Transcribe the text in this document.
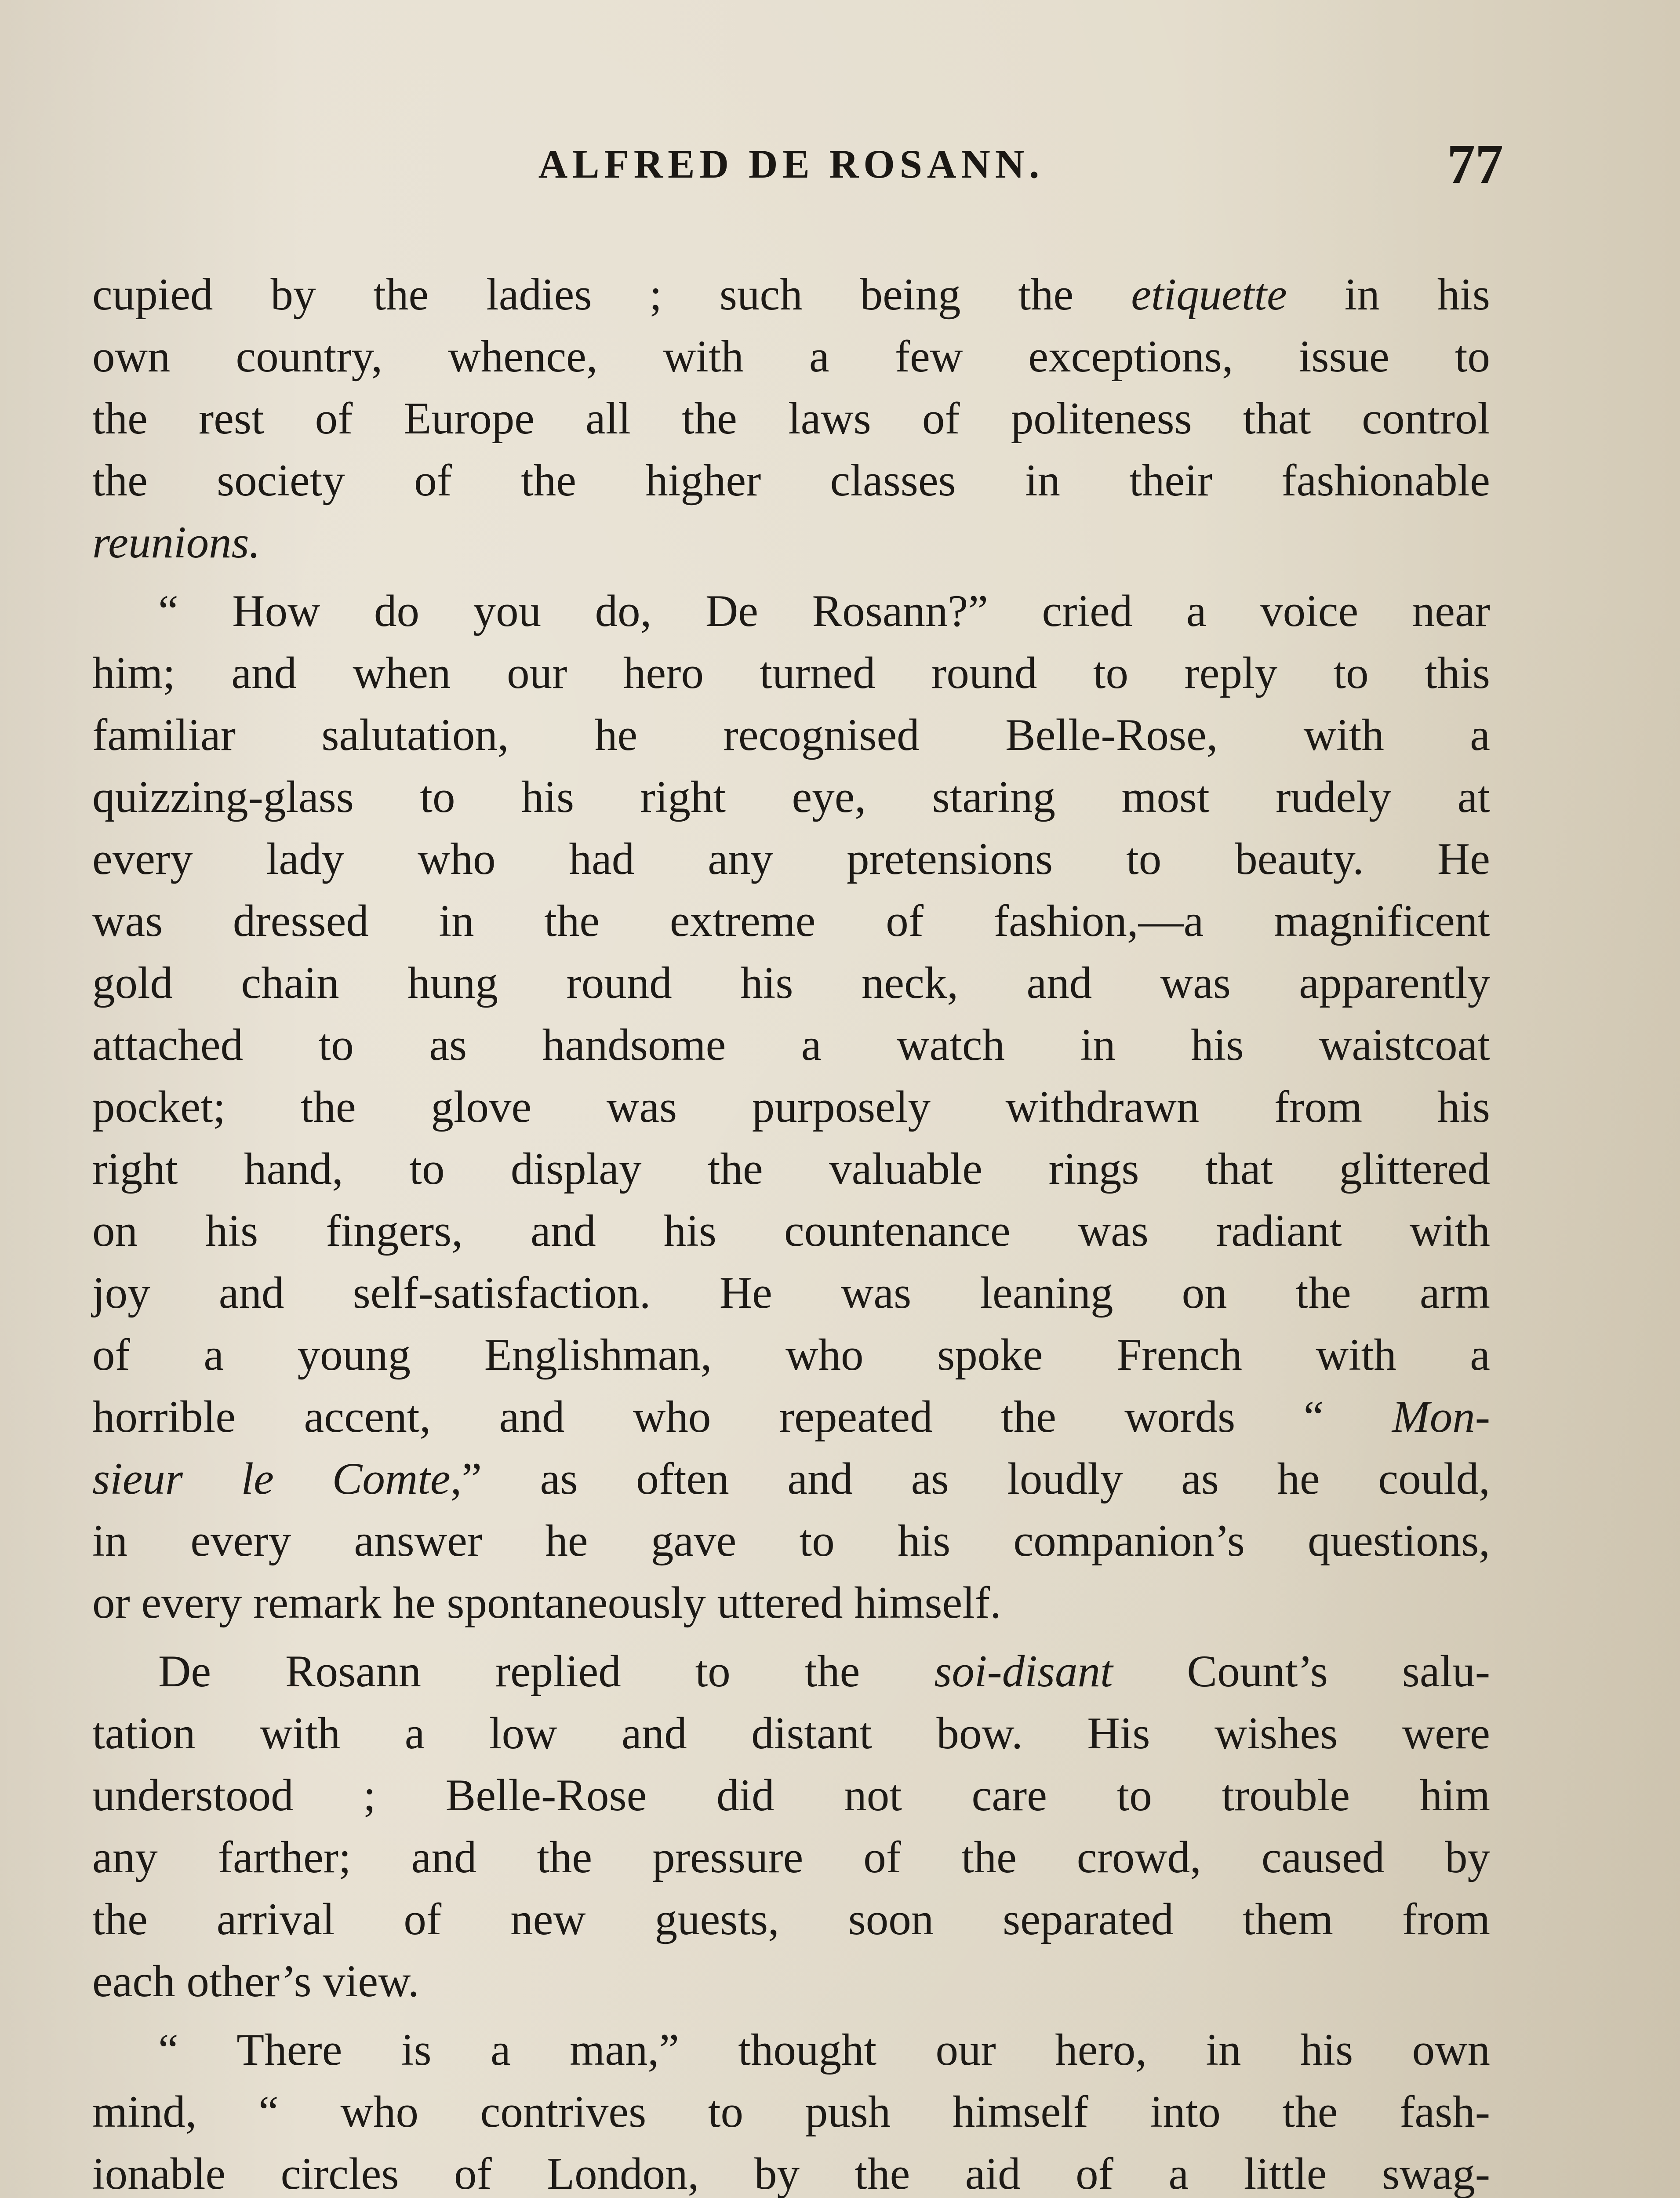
ALFRED DE ROSANN.	77
cupied by the ladies ; such being the etiquette in his
own country, whence, with a few exceptions, issue to
the rest of Europe all the laws of politeness that control
the society of the higher classes in their fashionable
reunions.
“ How do you do, De Rosann?” cried a voice near
him; and when our hero turned round to reply to this
familiar salutation, he recognised Belle-Rose, with a
quizzing-glass to his right eye, staring most rudely at
every lady who had any pretensions to beauty. He
was dressed in the extreme of fashion,—a magnificent
gold chain hung round his neck, and was apparently
attached to as handsome a watch in his waistcoat
pocket; the glove was purposely withdrawn from his
right hand, to display the valuable rings that glittered
on his fingers, and his countenance was radiant with
joy and self-satisfaction. He was leaning on the arm
of a young Englishman, who spoke French with a
horrible accent, and who repeated the words “ Mon-
sieur le Comte,” as often and as loudly as he could,
in every answer he gave to his companion’s questions,
or every remark he spontaneously uttered himself.
De Rosann replied to the soi-disant Count’s salu-
tation with a low and distant bow. His wishes were
understood ; Belle-Rose did not care to trouble him
any farther; and the pressure of the crowd, caused by
the arrival of new guests, soon separated them from
each other’s view.
“ There is a man,” thought our hero, in his own
mind, “ who contrives to push himself into the fash-
ionable circles of London, by the aid of a little swag-
